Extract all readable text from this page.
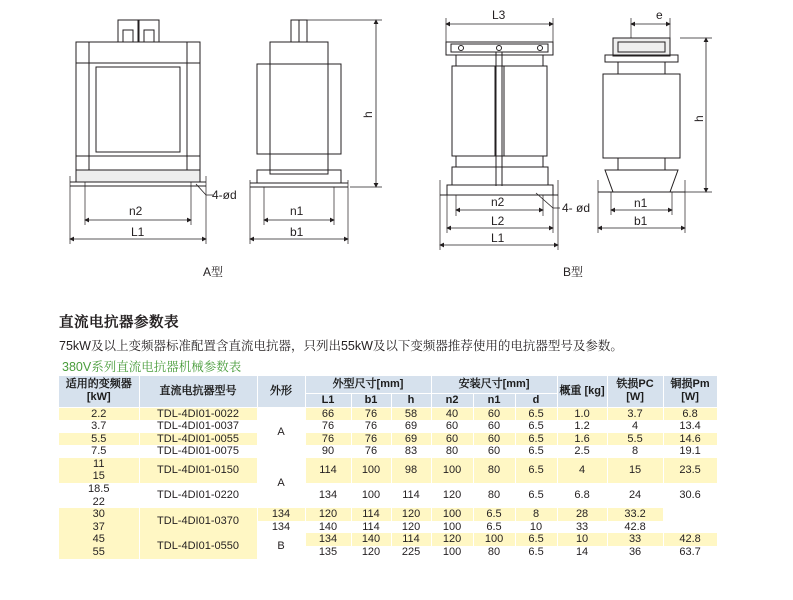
n2
L1
4-ød
n1
b1
h
L3
n2
L2
L1
4- ød
e
n1
b1
h
A型	B型
直流电抗器参数表
75kW及以上变频器标准配置含直流电抗器，只列出55kW及以下变频器推荐使用的电抗器型号及参数。
380V系列直流电抗器机械参数表
适用的变频器 [kW]	直流电抗器型号	外形	外型尺寸[mm]			安装尺寸[mm]			概重 [kg]	铁损PC [W]	铜损Pm [W]	
			L1	b1	h	n2	n1	d				
2.2	TDL-4DI01-0022	A	66	76	58	40	60	6.5	1.0	3.7	6.8	
3.7	TDL-4DI01-0037		76	76	69	60	60	6.5	1.2	4	13.4	
5.5	TDL-4DI01-0055		76	76	69	60	60	6.5	1.6	5.5	14.6	
7.5	TDL-4DI01-0075		90	76	83	80	60	6.5	2.5	8	19.1	
11	TDL-4DI01-0150	A	114	100	98	100	80	6.5	4	15	23.5	
15												
18.5	TDL-4DI01-0220		134	100	114	120	80	6.5	6.8	24	30.6	
22												
30	TDL-4DI01-0370	134	120	114	120	100	6.5	8	28	33.2		
37		134	140	114	120	100	6.5	10	33	42.8		
45	TDL-4DI01-0550	B	134	140	114	120	100	6.5	10	33	42.8	
55			135	120	225	100	80	6.5	14	36	63.7	
